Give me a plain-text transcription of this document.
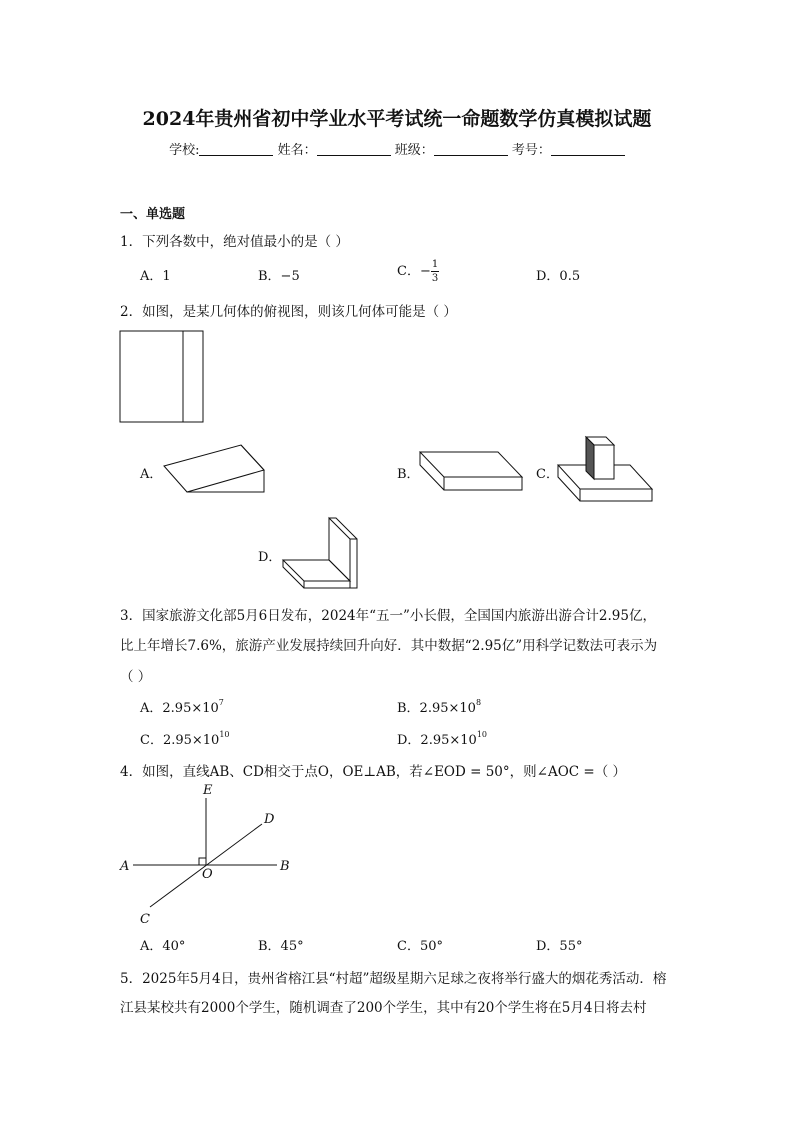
2024年贵州省初中学业水平考试统一命题数学仿真模拟试题
学校:	姓名：	班级：	考号：
一、单选题
1．下列各数中，绝对值最小的是（ ）
A．1	B．−5	C．− $\frac{1}{3}$	D．0.5
2．如图，是某几何体的俯视图，则该几何体可能是（ ）
A．	B．	C．
D．
3．国家旅游文化部5月6日发布，2024年“五一”小长假，全国国内旅游出游合计2.95亿，
比上年增长7.6%，旅游产业发展持续回升向好．其中数据“2.95亿”用科学记数法可表示为
（ ）
A．$2.95\times 10^7$	B．$2.95\times 10^8$
C．$2.95\times 10^{10}$	D．$2.95\times 10^{10}$
4．如图，直线AB、CD相交于点O，OE⊥AB，若∠EOD = 50°，则∠AOC =（ ）
E
D
A
O
B
C
A．40°	B．45°	C．50°	D．55°
5．2025年5月4日，贵州省榕江县“村超”超级星期六足球之夜将举行盛大的烟花秀活动．榕
江县某校共有2000个学生，随机调查了200个学生，其中有20个学生将在5月4日将去村
